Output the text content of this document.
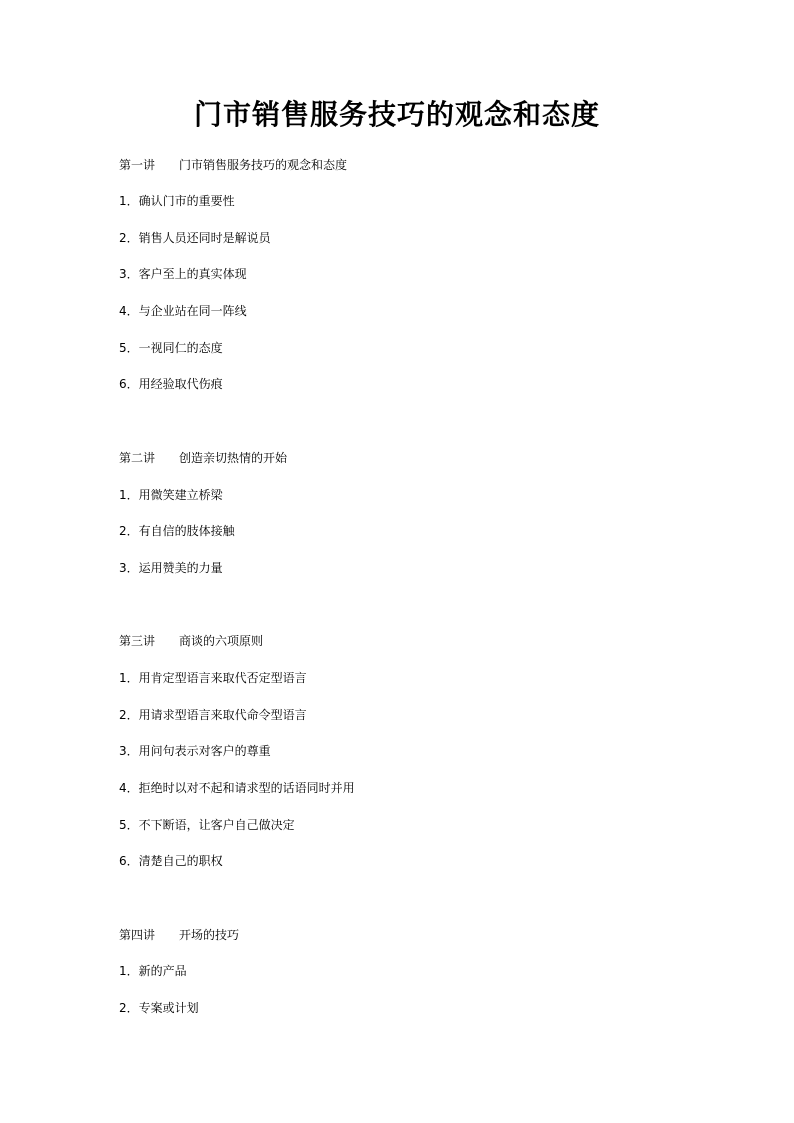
门市销售服务技巧的观念和态度
第一讲　　门市销售服务技巧的观念和态度
1．确认门市的重要性
2．销售人员还同时是解说员
3．客户至上的真实体现
4．与企业站在同一阵线
5．一视同仁的态度
6．用经验取代伤痕
第二讲　　创造亲切热情的开始
1．用微笑建立桥梁
2．有自信的肢体接触
3．运用赞美的力量
第三讲　　商谈的六项原则
1．用肯定型语言来取代否定型语言
2．用请求型语言来取代命令型语言
3．用问句表示对客户的尊重
4．拒绝时以对不起和请求型的话语同时并用
5．不下断语，让客户自己做决定
6．清楚自己的职权
第四讲　　开场的技巧
1．新的产品
2．专案或计划
